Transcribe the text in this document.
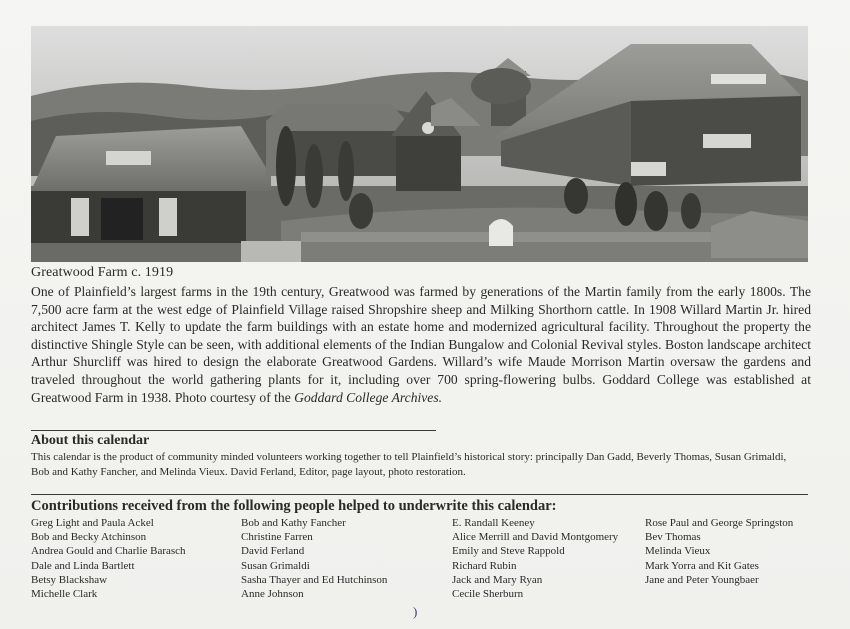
Greatwood Farm c. 1919
One of Plainfield’s largest farms in the 19th century, Greatwood was farmed by generations of the Martin family from the early 1800s. The 7,500 acre farm at the west edge of Plainfield Village raised Shropshire sheep and Milking Shorthorn cattle. In 1908 Willard Martin Jr. hired architect James T. Kelly to update the farm buildings with an estate home and modernized agricultural facility. Throughout the property the distinctive Shingle Style can be seen, with additional elements of the Indian Bungalow and Colonial Revival styles. Boston landscape architect Arthur Shurcliff was hired to design the elaborate Greatwood Gardens. Willard’s wife Maude Morrison Martin oversaw the gardens and traveled throughout the world gathering plants for it, including over 700 spring-flowering bulbs. Goddard College was established at Greatwood Farm in 1938. Photo courtesy of the Goddard College Archives.
About this calendar
This calendar is the product of community minded volunteers working together to tell Plainfield’s historical story: principally Dan Gadd, Beverly Thomas, Susan Grimaldi, Bob and Kathy Fancher, and Melinda Vieux. David Ferland, Editor, page layout, photo restoration.
Contributions received from the following people helped to underwrite this calendar:
Greg Light and Paula Ackel
Bob and Becky Atchinson
Andrea Gould and Charlie Barasch
Dale and Linda Bartlett
Betsy Blackshaw
Michelle Clark
Bob and Kathy Fancher
Christine Farren
David Ferland
Susan Grimaldi
Sasha Thayer and Ed Hutchinson
Anne Johnson
E. Randall Keeney
Alice Merrill and David Montgomery
Emily and Steve Rappold
Richard Rubin
Jack and Mary Ryan
Cecile Sherburn
Rose Paul and George Springston
Bev Thomas
Melinda Vieux
Mark Yorra and Kit Gates
Jane and Peter Youngbaer
)
